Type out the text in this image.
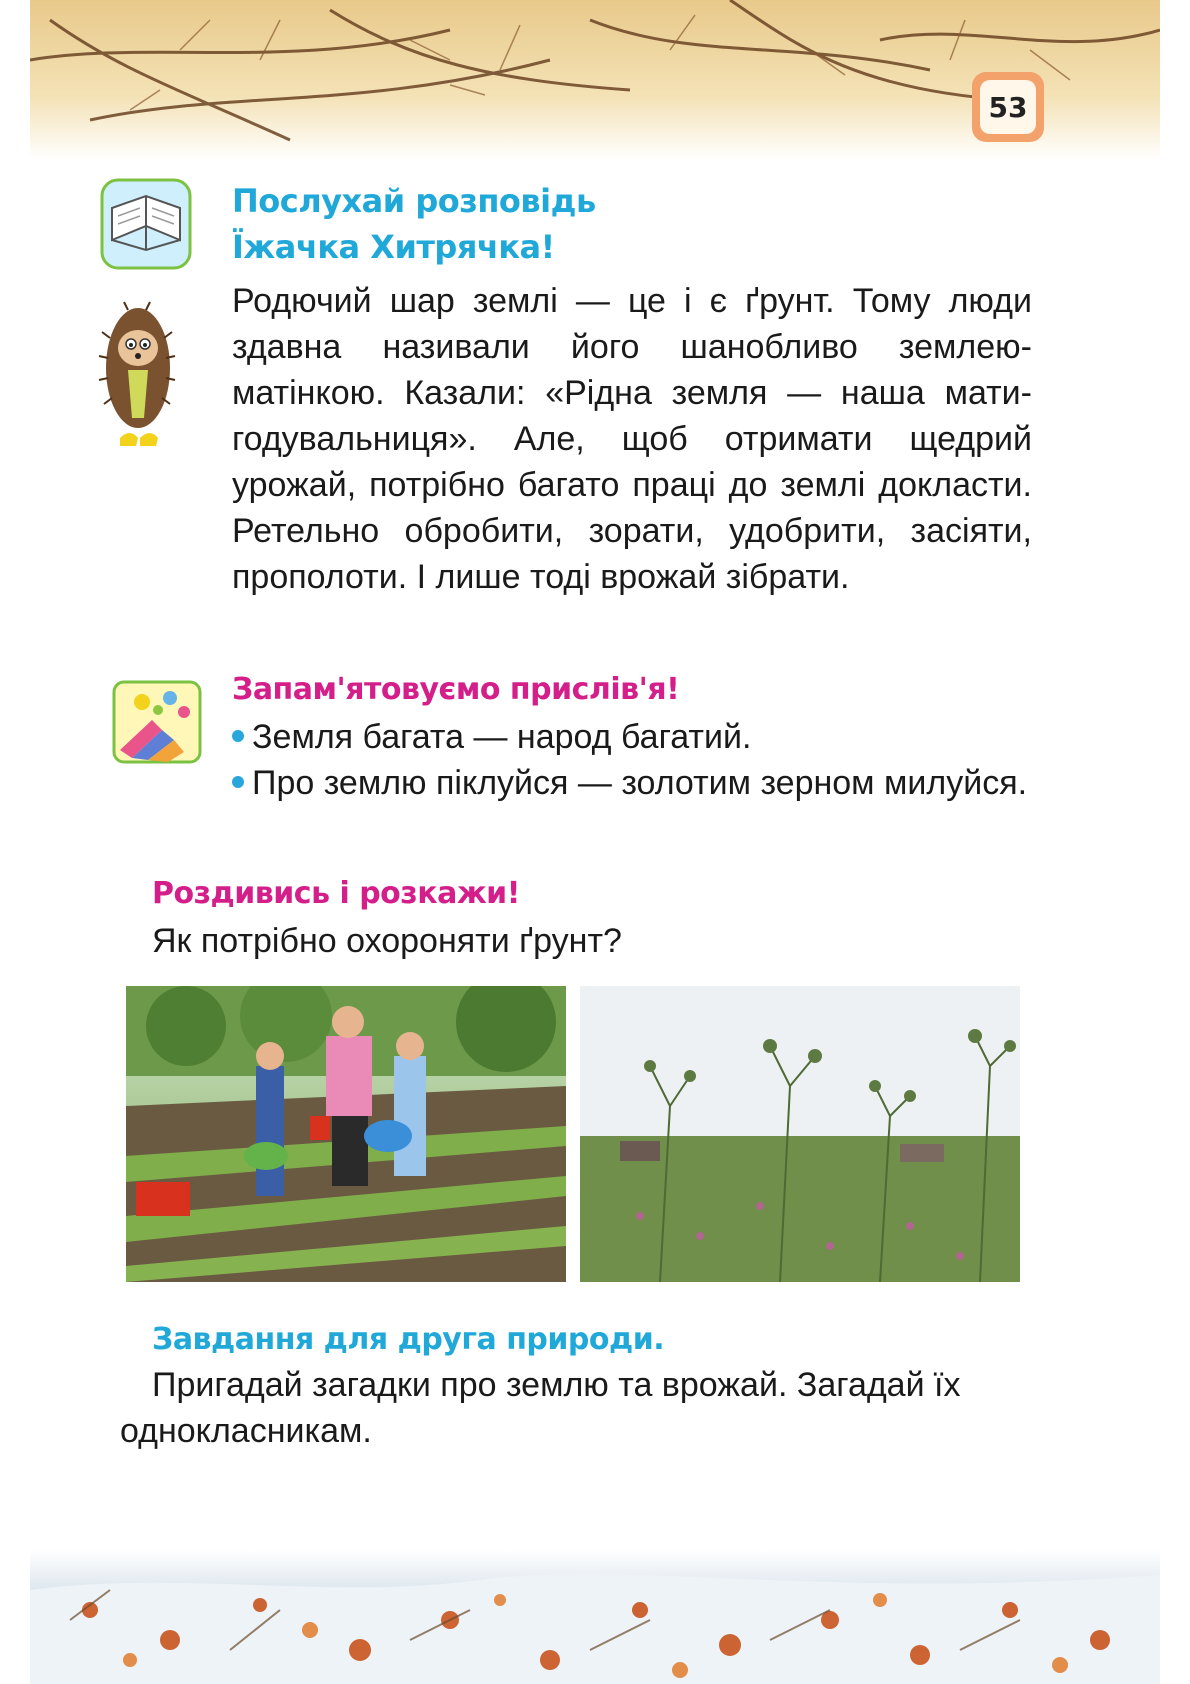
53
Послухай розповідь
Їжачка Хитрячка!
Родючий шар землі — це і є ґрунт. Тому люди здавна називали його шанобливо землею-матінкою. Казали: «Рідна земля — наша мати-годувальниця». Але, щоб отримати щедрий урожай, потрібно багато праці до землі докласти. Ретельно обробити, зорати, удобрити, засіяти, прополоти. І лише тоді врожай зібрати.
Запам'ятовуємо прислів'я!
Земля багата — народ багатий.
Про землю піклуйся — золотим зерном милуйся.
Роздивись і розкажи!
Як потрібно охороняти ґрунт?
Завдання для друга природи.
Пригадай загадки про землю та врожай. Загадай їх однокласникам.
